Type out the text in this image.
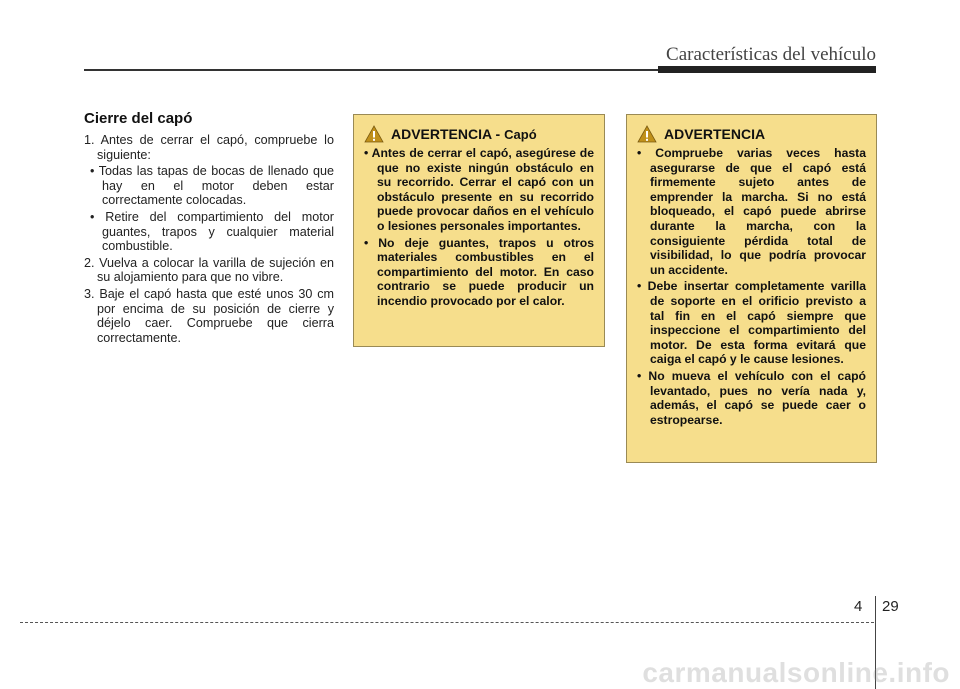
Características del vehículo
Cierre del capó

1. Antes de cerrar el capó, compruebe lo siguiente:

• Todas las tapas de bocas de llenado que hay en el motor deben estar correctamente colocadas.

• Retire del compartimiento del motor guantes, trapos y cualquier material combustible.

2. Vuelva a colocar la varilla de sujeción en su alojamiento para que no vibre.

3. Baje el capó hasta que esté unos 30 cm por encima de su posición de cierre y déjelo caer. Compruebe que cierra correctamente.

ADVERTENCIA - Capó

• Antes de cerrar el capó, asegúrese de que no existe ningún obstáculo en su recorrido. Cerrar el capó con un obstáculo presente en su recorrido puede provocar daños en el vehículo o lesiones personales importantes.

• No deje guantes, trapos u otros materiales combustibles en el compartimiento del motor. En caso contrario se puede producir un incendio provocado por el calor.

ADVERTENCIA

• Compruebe varias veces hasta asegurarse de que el capó está firmemente sujeto antes de emprender la marcha. Si no está bloqueado, el capó puede abrirse durante la marcha, con la consiguiente pérdida total de visibilidad, lo que podría provocar un accidente.

• Debe insertar completamente varilla de soporte en el orificio previsto a tal fin en el capó siempre que inspeccione el compartimiento del motor. De esta forma evitará que caiga el capó y le cause lesiones.

• No mueva el vehículo con el capó levantado, pues no vería nada y, además, el capó se puede caer o estropearse.

4 29
carmanualsonline.info
